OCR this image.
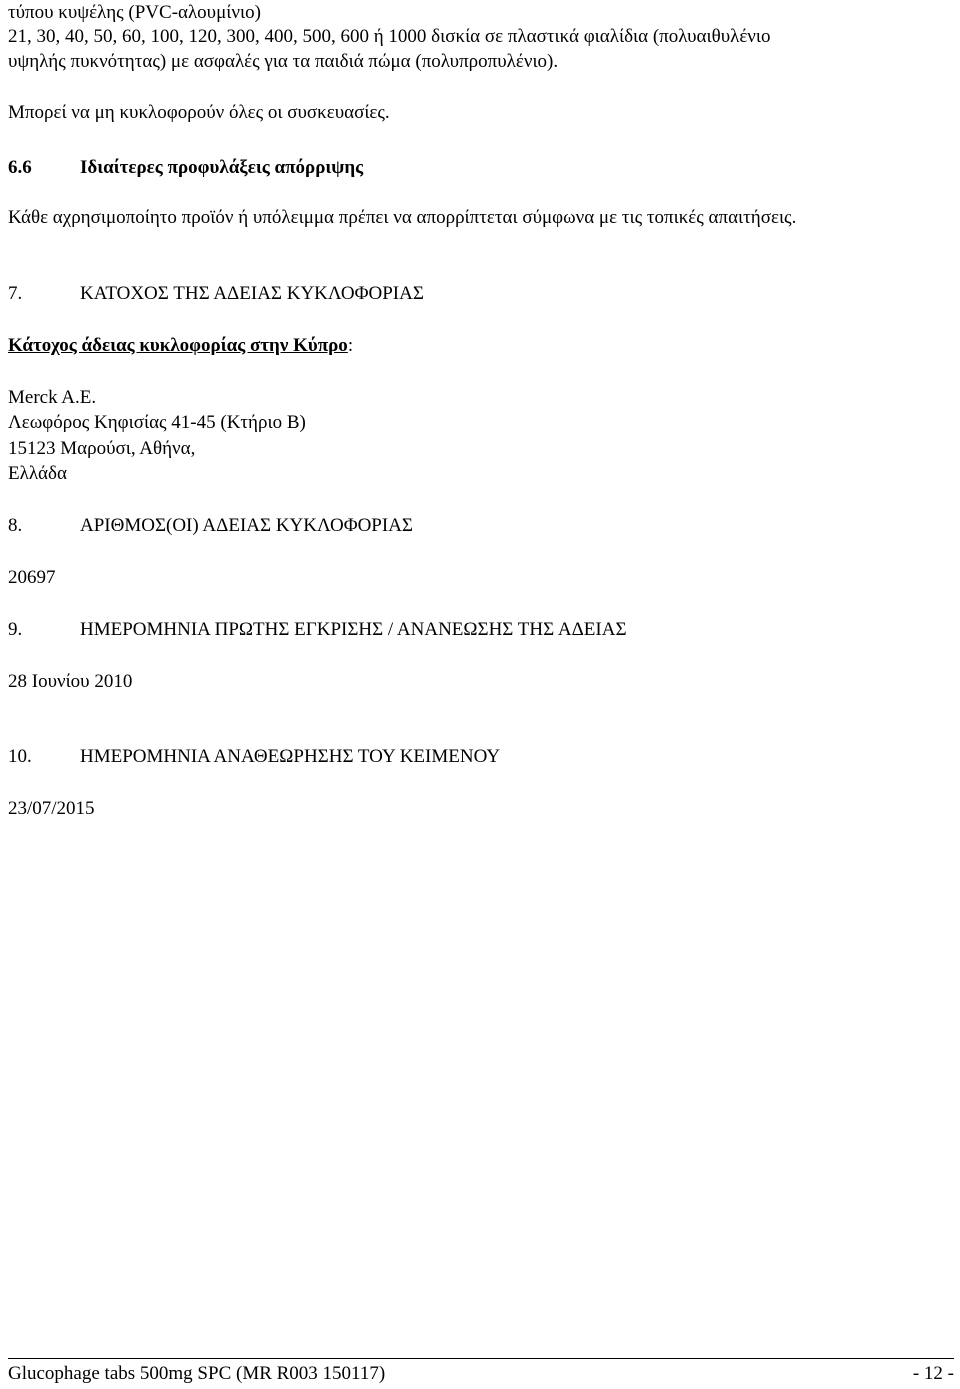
τύπου κυψέλης (PVC-αλουμίνιο)
21, 30, 40, 50, 60, 100, 120, 300, 400, 500, 600 ή 1000 δισκία σε πλαστικά φιαλίδια (πολυαιθυλένιο
υψηλής πυκνότητας) με ασφαλές για τα παιδιά πώμα (πολυπροπυλένιο).
Μπορεί να μη κυκλοφορούν όλες οι συσκευασίες.
6.6	Ιδιαίτερες προφυλάξεις απόρριψης
Κάθε αχρησιμοποίητο προϊόν ή υπόλειμμα πρέπει να απορρίπτεται σύμφωνα με τις τοπικές απαιτήσεις.
7.	ΚΑΤΟΧΟΣ ΤΗΣ ΑΔΕΙΑΣ ΚΥΚΛΟΦΟΡΙΑΣ
Κάτοχος άδειας κυκλοφορίας στην Κύπρο:
Merck A.E.
Λεωφόρος Κηφισίας 41-45 (Κτήριο Β)
15123 Μαρούσι, Αθήνα,
Ελλάδα
8.	ΑΡΙΘΜΟΣ(ΟΙ) ΑΔΕΙΑΣ ΚΥΚΛΟΦΟΡΙΑΣ
20697
9.	ΗΜΕΡΟΜΗΝΙΑ ΠΡΩΤΗΣ ΕΓΚΡΙΣΗΣ / ΑΝΑΝΕΩΣΗΣ ΤΗΣ ΑΔΕΙΑΣ
28 Ιουνίου 2010
10.	ΗΜΕΡΟΜΗΝΙΑ ΑΝΑΘΕΩΡΗΣΗΣ ΤΟΥ ΚΕΙΜΕΝΟΥ
23/07/2015
Glucophage tabs 500mg SPC (MR R003 150117)	- 12 -
